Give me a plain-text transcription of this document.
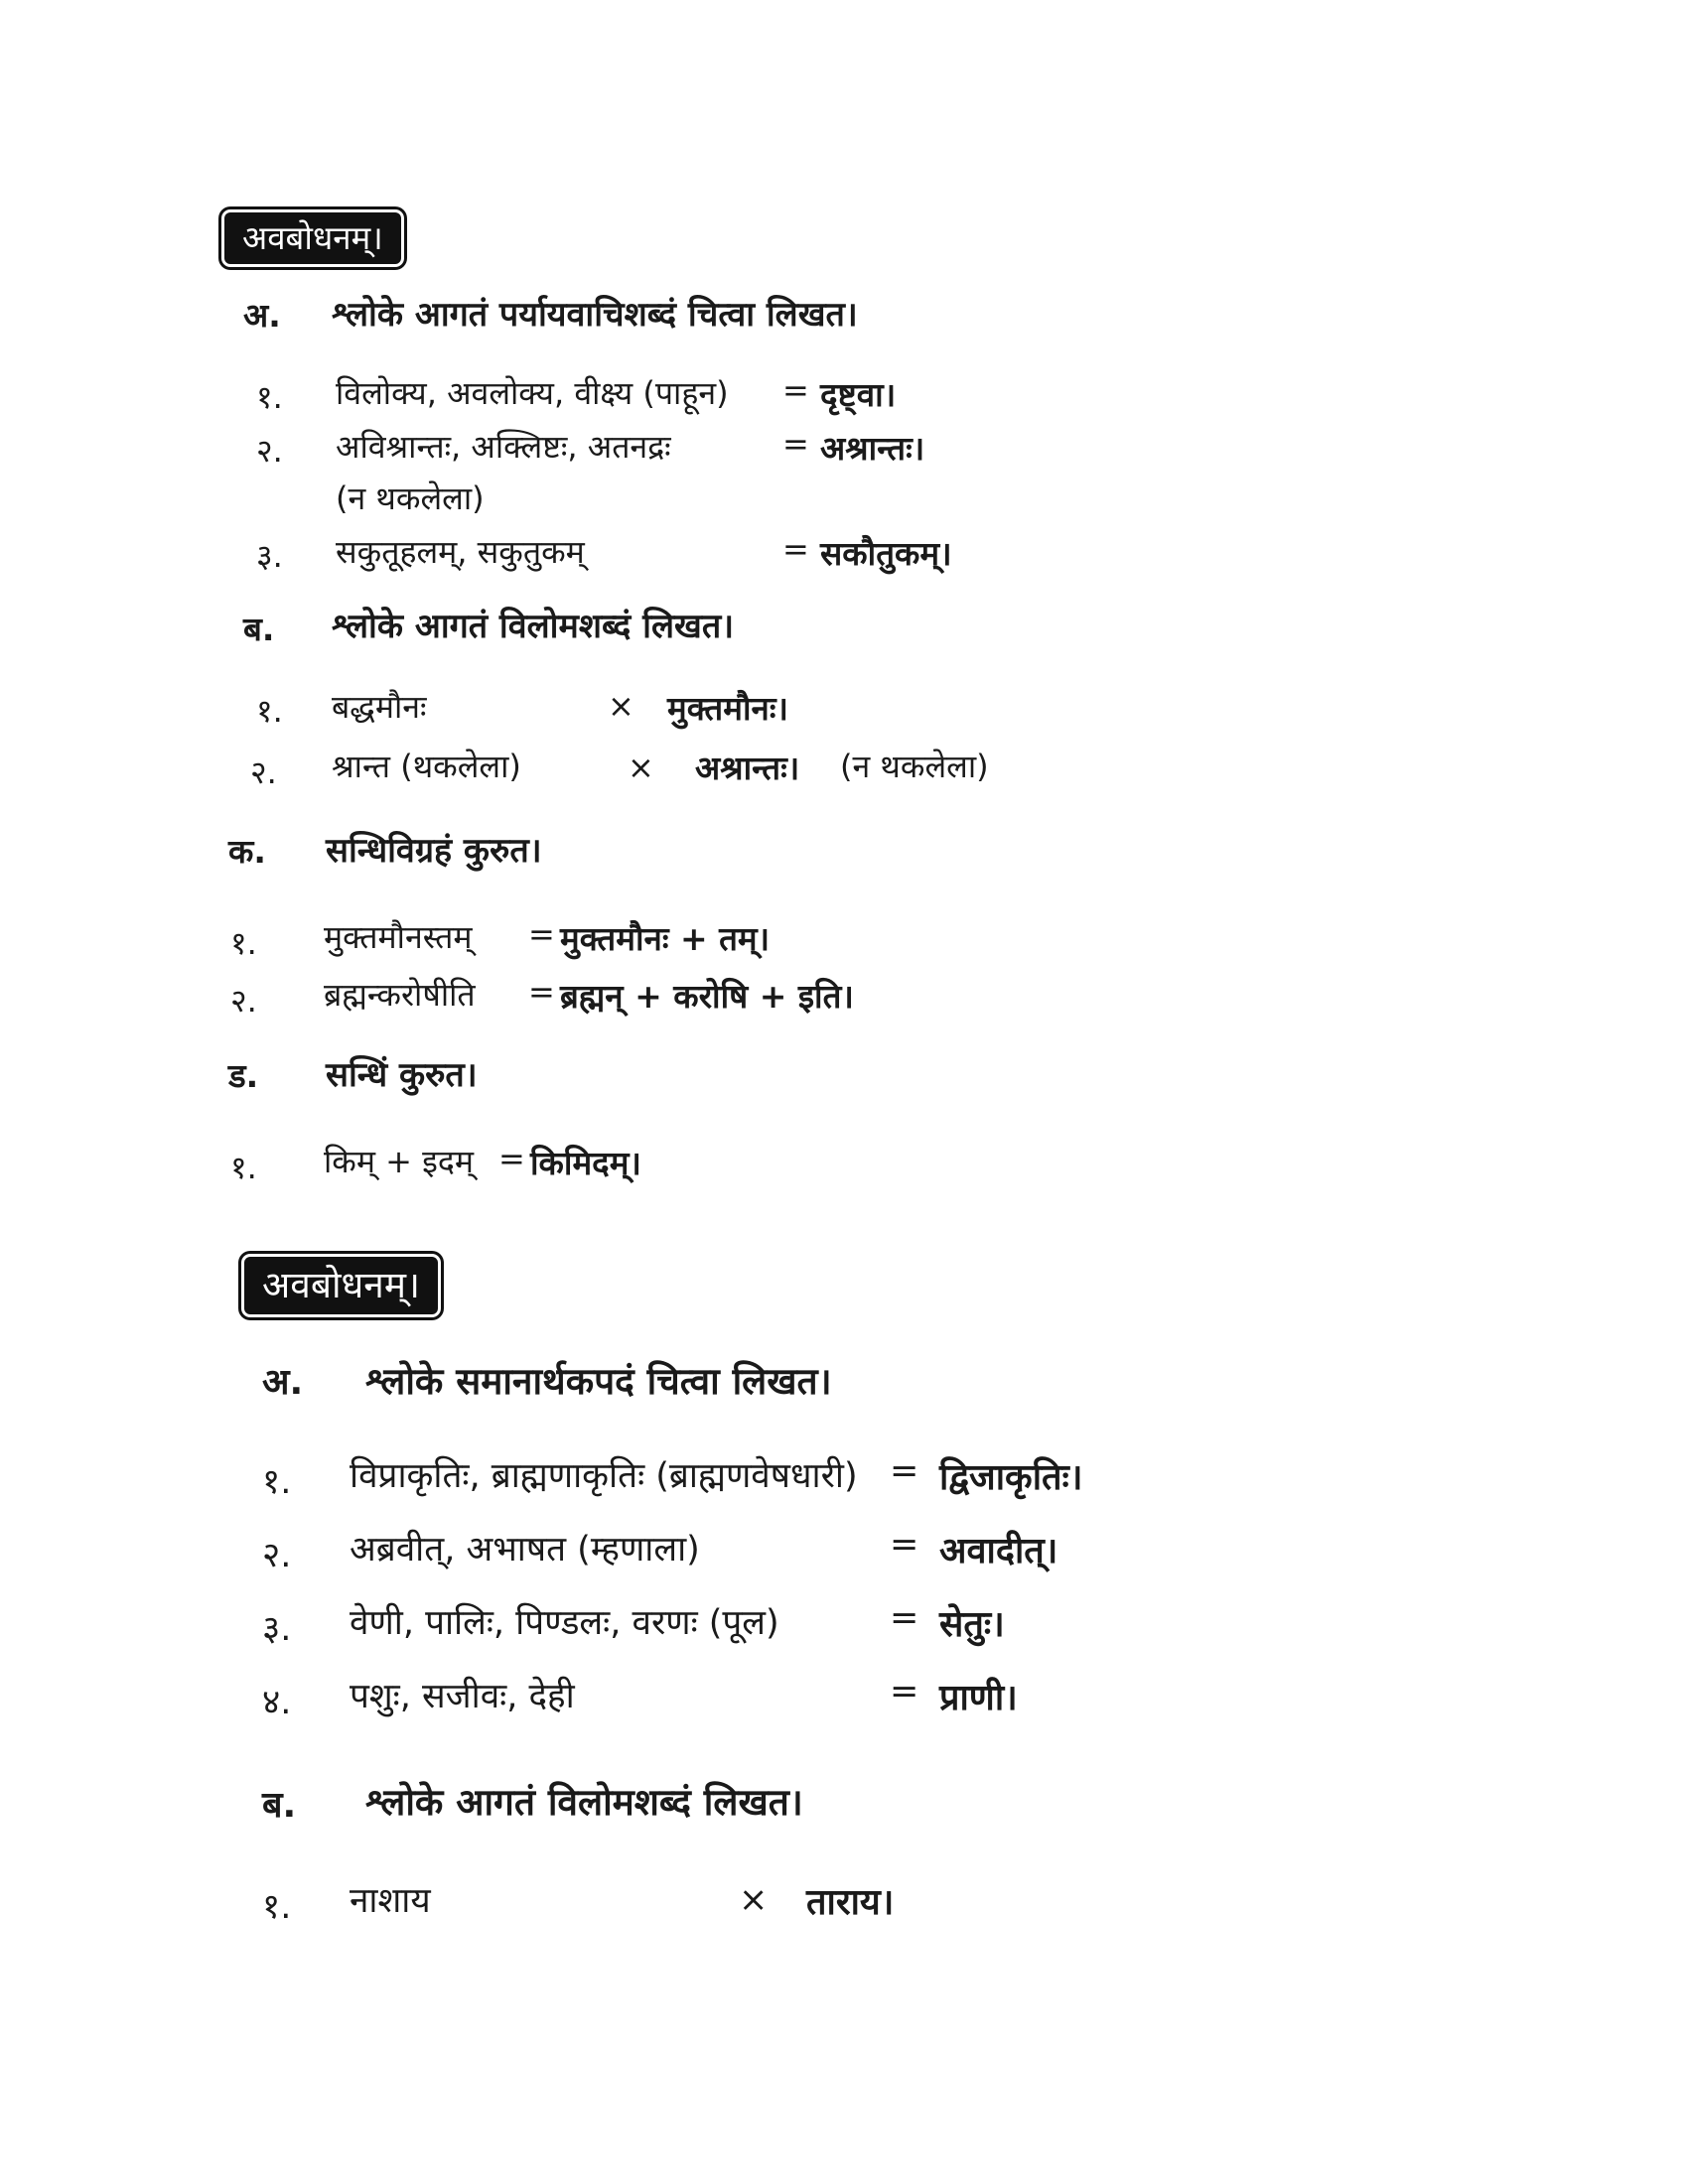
अवबोधनम्।
अ. श्लोके आगतं पर्यायवाचिशब्दं चित्वा लिखत।
१. विलोक्य, अवलोक्य, वीक्ष्य (पाहून) = दृष्ट्वा।
२. अविश्रान्तः, अक्लिष्टः, अतनद्रः	= अश्रान्तः।
(न थकलेला)
३. सकुतूहलम्, सकुतुकम्	= सकौतुकम्।
ब. श्लोके आगतं विलोमशब्दं लिखत।
१. बद्धमौनः	× मुक्तमौनः।
२. श्रान्त (थकलेला)	× अश्रान्तः। (न थकलेला)
क. सन्धिविग्रहं कुरुत।
१. मुक्तमौनस्तम् = मुक्तमौनः + तम्।
२. ब्रह्मन्करोषीति = ब्रह्मन् + करोषि + इति।
ड. सन्धिं कुरुत।
१. किम् + इदम् = किमिदम्।
अवबोधनम्।
अ. श्लोके समानार्थकपदं चित्वा लिखत।
१. विप्राकृतिः, ब्राह्मणाकृतिः (ब्राह्मणवेषधारी) = द्विजाकृतिः।
२. अब्रवीत्, अभाषत (म्हणाला)	= अवादीत्।
३. वेणी, पालिः, पिण्डलः, वरणः (पूल)	= सेतुः।
४. पशुः, सजीवः, देही	= प्राणी।
ब. श्लोके आगतं विलोमशब्दं लिखत।
१. नाशाय	× ताराय।
